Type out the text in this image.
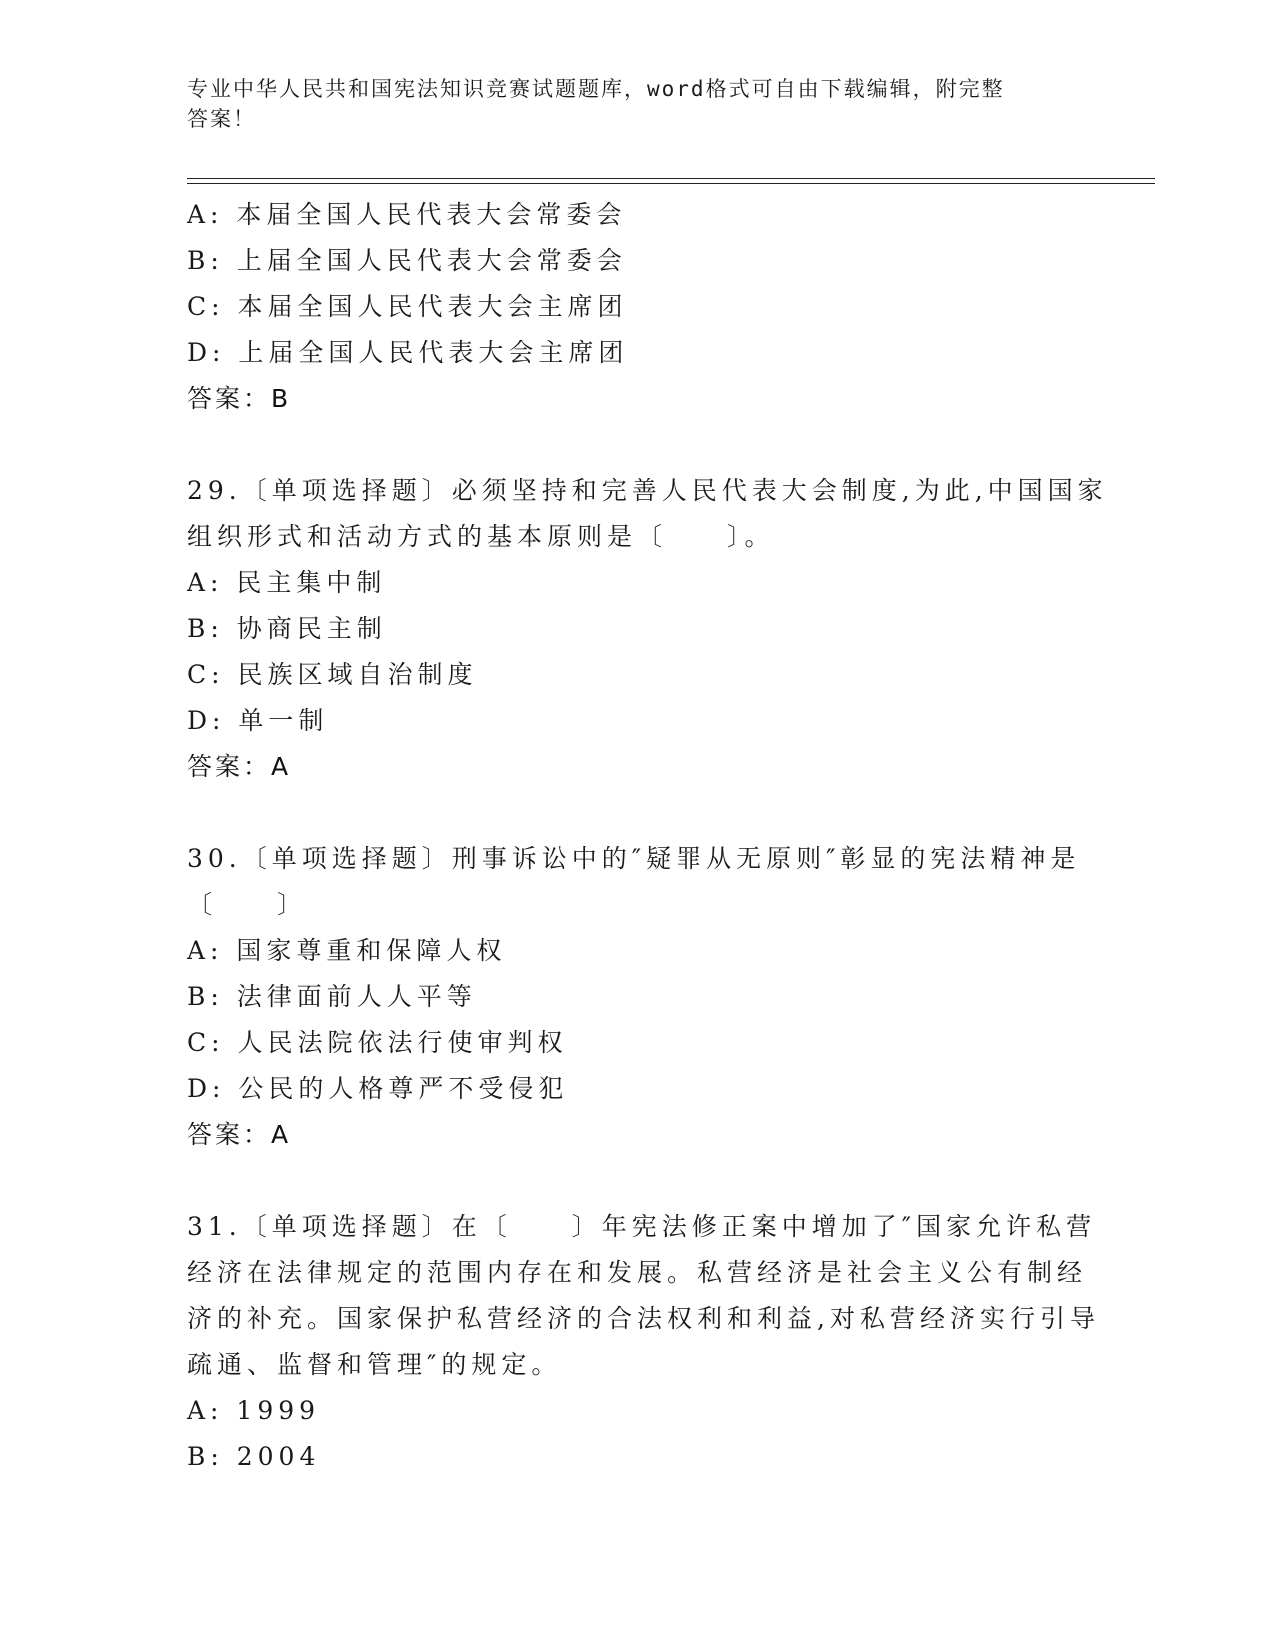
专业中华人民共和国宪法知识竞赛试题题库，word格式可自由下载编辑，附完整
答案！
A: 本届全国人民代表大会常委会
B: 上届全国人民代表大会常委会
C: 本届全国人民代表大会主席团
D: 上届全国人民代表大会主席团
答案：B
29.〔单项选择题〕必须坚持和完善人民代表大会制度,为此,中国国家
组织形式和活动方式的基本原则是〔　　〕。
A: 民主集中制
B: 协商民主制
C: 民族区域自治制度
D: 单一制
答案：A
30.〔单项选择题〕刑事诉讼中的″疑罪从无原则″彰显的宪法精神是
〔　　〕
A: 国家尊重和保障人权
B: 法律面前人人平等
C: 人民法院依法行使审判权
D: 公民的人格尊严不受侵犯
答案：A
31.〔单项选择题〕在〔　　〕年宪法修正案中增加了″国家允许私营
经济在法律规定的范围内存在和发展。私营经济是社会主义公有制经
济的补充。国家保护私营经济的合法权利和利益,对私营经济实行引导
疏通、监督和管理″的规定。
A: 1999
B: 2004
